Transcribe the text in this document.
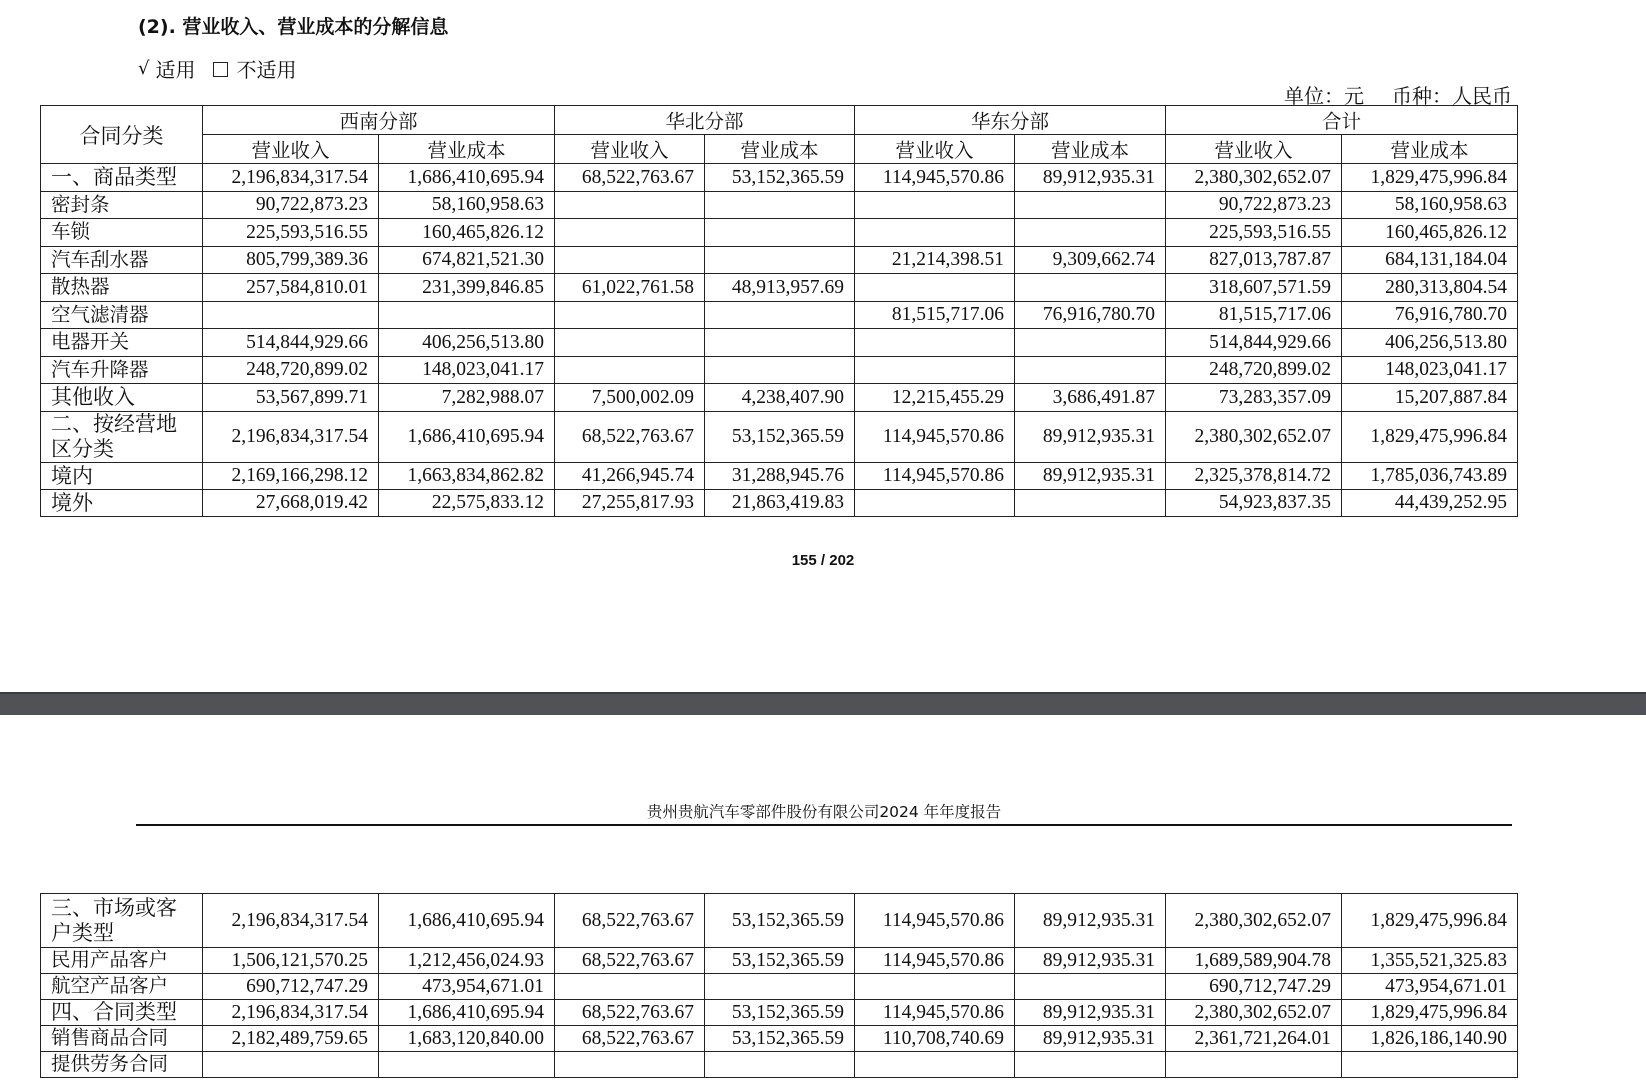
(2). 营业收入、营业成本的分解信息
√ 适用 不适用
单位：元 币种：人民币
合同分类	西南分部		华北分部		华东分部		合计	
	营业收入	营业成本	营业收入	营业成本	营业收入	营业成本	营业收入	营业成本
一、商品类型	2,196,834,317.54	1,686,410,695.94	68,522,763.67	53,152,365.59	114,945,570.86	89,912,935.31	2,380,302,652.07	1,829,475,996.84
密封条	90,722,873.23	58,160,958.63					90,722,873.23	58,160,958.63
车锁	225,593,516.55	160,465,826.12					225,593,516.55	160,465,826.12
汽车刮水器	805,799,389.36	674,821,521.30			21,214,398.51	9,309,662.74	827,013,787.87	684,131,184.04
散热器	257,584,810.01	231,399,846.85	61,022,761.58	48,913,957.69			318,607,571.59	280,313,804.54
空气滤清器					81,515,717.06	76,916,780.70	81,515,717.06	76,916,780.70
电器开关	514,844,929.66	406,256,513.80					514,844,929.66	406,256,513.80
汽车升降器	248,720,899.02	148,023,041.17					248,720,899.02	148,023,041.17
其他收入	53,567,899.71	7,282,988.07	7,500,002.09	4,238,407.90	12,215,455.29	3,686,491.87	73,283,357.09	15,207,887.84
二、按经营地区分类	2,196,834,317.54	1,686,410,695.94	68,522,763.67	53,152,365.59	114,945,570.86	89,912,935.31	2,380,302,652.07	1,829,475,996.84
境内	2,169,166,298.12	1,663,834,862.82	41,266,945.74	31,288,945.76	114,945,570.86	89,912,935.31	2,325,378,814.72	1,785,036,743.89
境外	27,668,019.42	22,575,833.12	27,255,817.93	21,863,419.83			54,923,837.35	44,439,252.95
155 / 202
贵州贵航汽车零部件股份有限公司2024 年年度报告
三、市场或客户类型	2,196,834,317.54	1,686,410,695.94	68,522,763.67	53,152,365.59	114,945,570.86	89,912,935.31	2,380,302,652.07	1,829,475,996.84
民用产品客户	1,506,121,570.25	1,212,456,024.93	68,522,763.67	53,152,365.59	114,945,570.86	89,912,935.31	1,689,589,904.78	1,355,521,325.83
航空产品客户	690,712,747.29	473,954,671.01					690,712,747.29	473,954,671.01
四、合同类型	2,196,834,317.54	1,686,410,695.94	68,522,763.67	53,152,365.59	114,945,570.86	89,912,935.31	2,380,302,652.07	1,829,475,996.84
销售商品合同	2,182,489,759.65	1,683,120,840.00	68,522,763.67	53,152,365.59	110,708,740.69	89,912,935.31	2,361,721,264.01	1,826,186,140.90
提供劳务合同								
